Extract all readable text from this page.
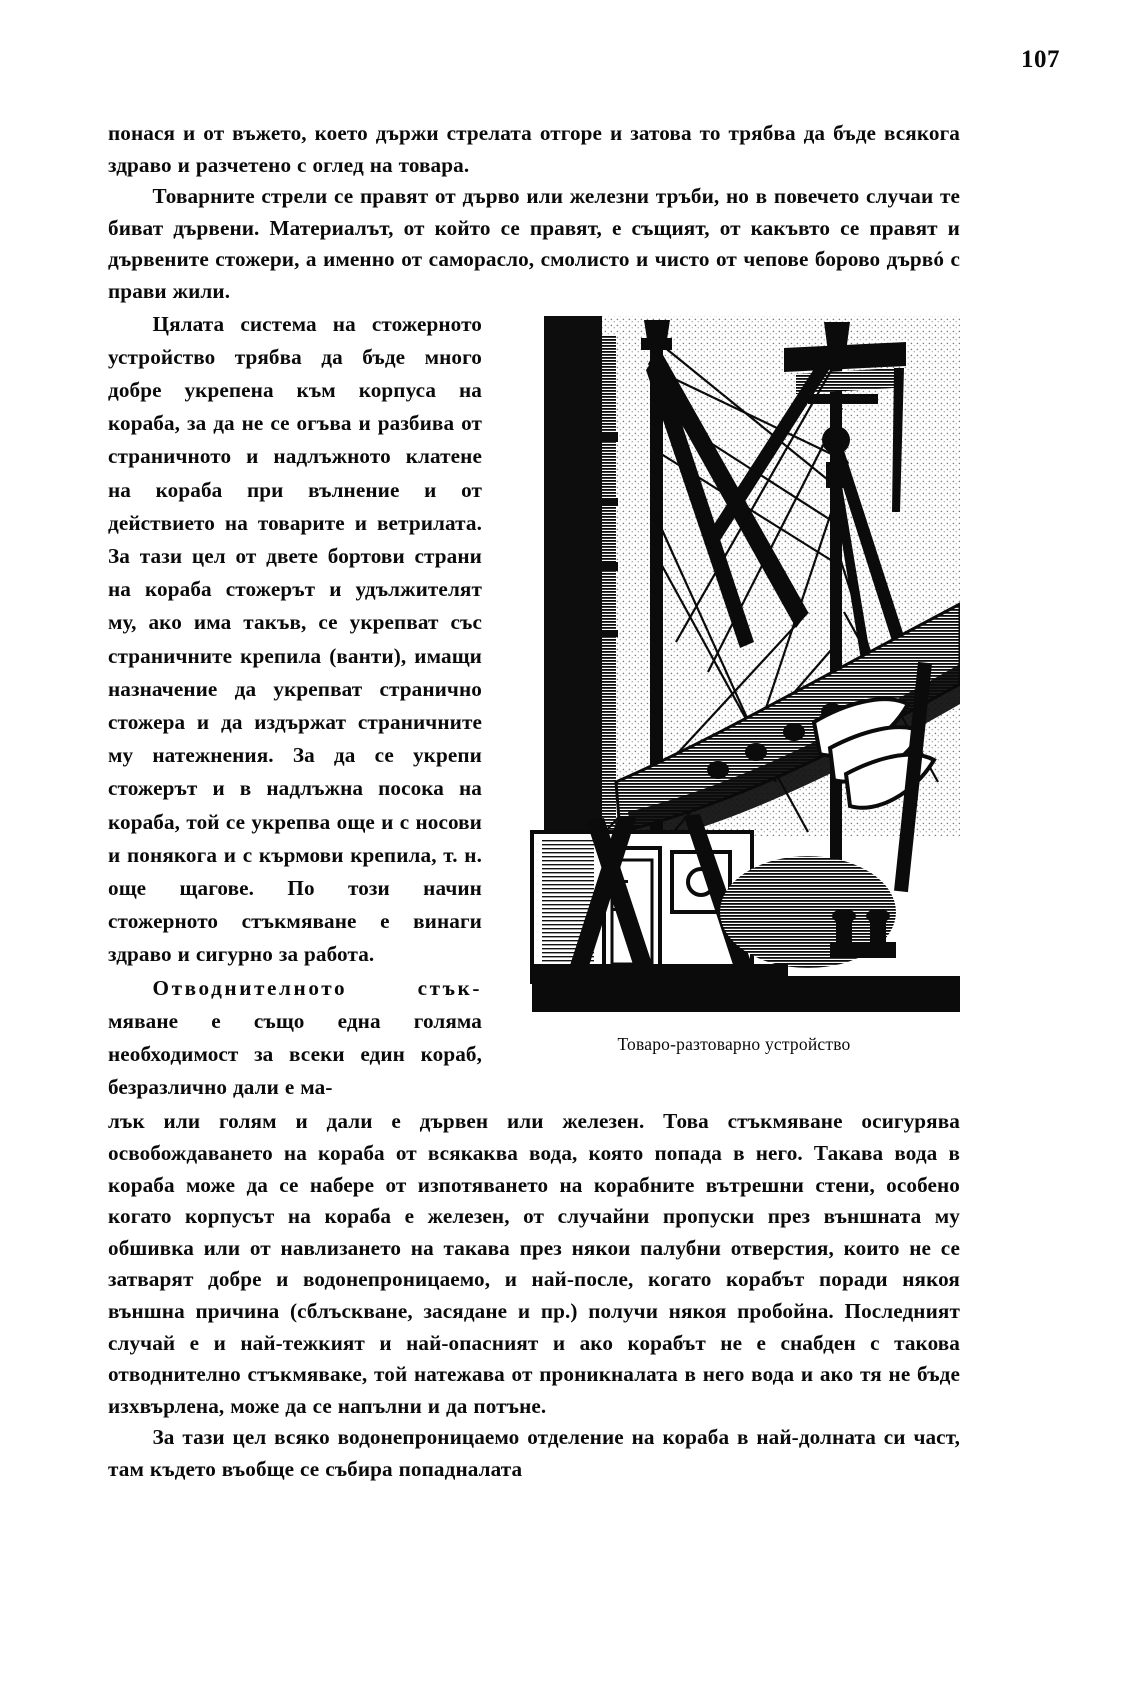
107

понася и от въжето, което държи стрелата отгоре и затова то трябва да бъде всякога здраво и разчетено с оглед на товара.

Товарните стрели се правят от дърво или железни тръби, но в повечето случаи те биват дървени. Материалът, от който се правят, е същият, от какъвто се правят и дървените стожери, а именно от саморасло, смолисто и чисто от чепове борово дървó с прави жили.

Товаро-разтоварно устройство

Цялата система на стожерното устройство трябва да бъде много добре укрепена към корпуса на кораба, за да не се огъва и разбива от страничното и надлъжното клатене на кораба при вълнение и от действието на товарите и ветрилата. За тази цел от двете бортови страни на кораба стожерът и удължителят му, ако има такъв, се укрепват със страничните крепила (ванти), имащи назначение да укрепват странично стожера и да издържат страничните му натежнения. За да се укрепи стожерът и в надлъжна посока на кораба, той се укрепва още и с носови и понякога и с кърмови крепила, т. н. още щагове. По този начин стожерното стъкмяване е винаги здраво и сигурно за работа.

Отводнителното стък- мяване е също една голяма необходимост за всеки един кораб, безразлично дали е ма-

лък или голям и дали е дървен или железен. Това стъкмяване осигурява освобождаването на кораба от всякаква вода, която попада в него. Такава вода в кораба може да се набере от изпотяването на корабните вътрешни стени, особено когато корпусът на кораба е железен, от случайни пропуски през външната му обшивка или от навлизането на такава през някои палубни отверстия, които не се затварят добре и водонепроницаемо, и най-после, когато корабът поради някоя външна причина (сблъскване, засядане и пр.) получи някоя пробойна. Последният случай е и най-тежкият и най-опасният и ако корабът не е снабден с такова отводнително стъкмяваке, той натежава от проникналата в него вода и ако тя не бъде изхвърлена, може да се напълни и да потъне.

За тази цел всяко водонепроницаемо отделение на кораба в най-долната си част, там където въобще се събира попадналата
